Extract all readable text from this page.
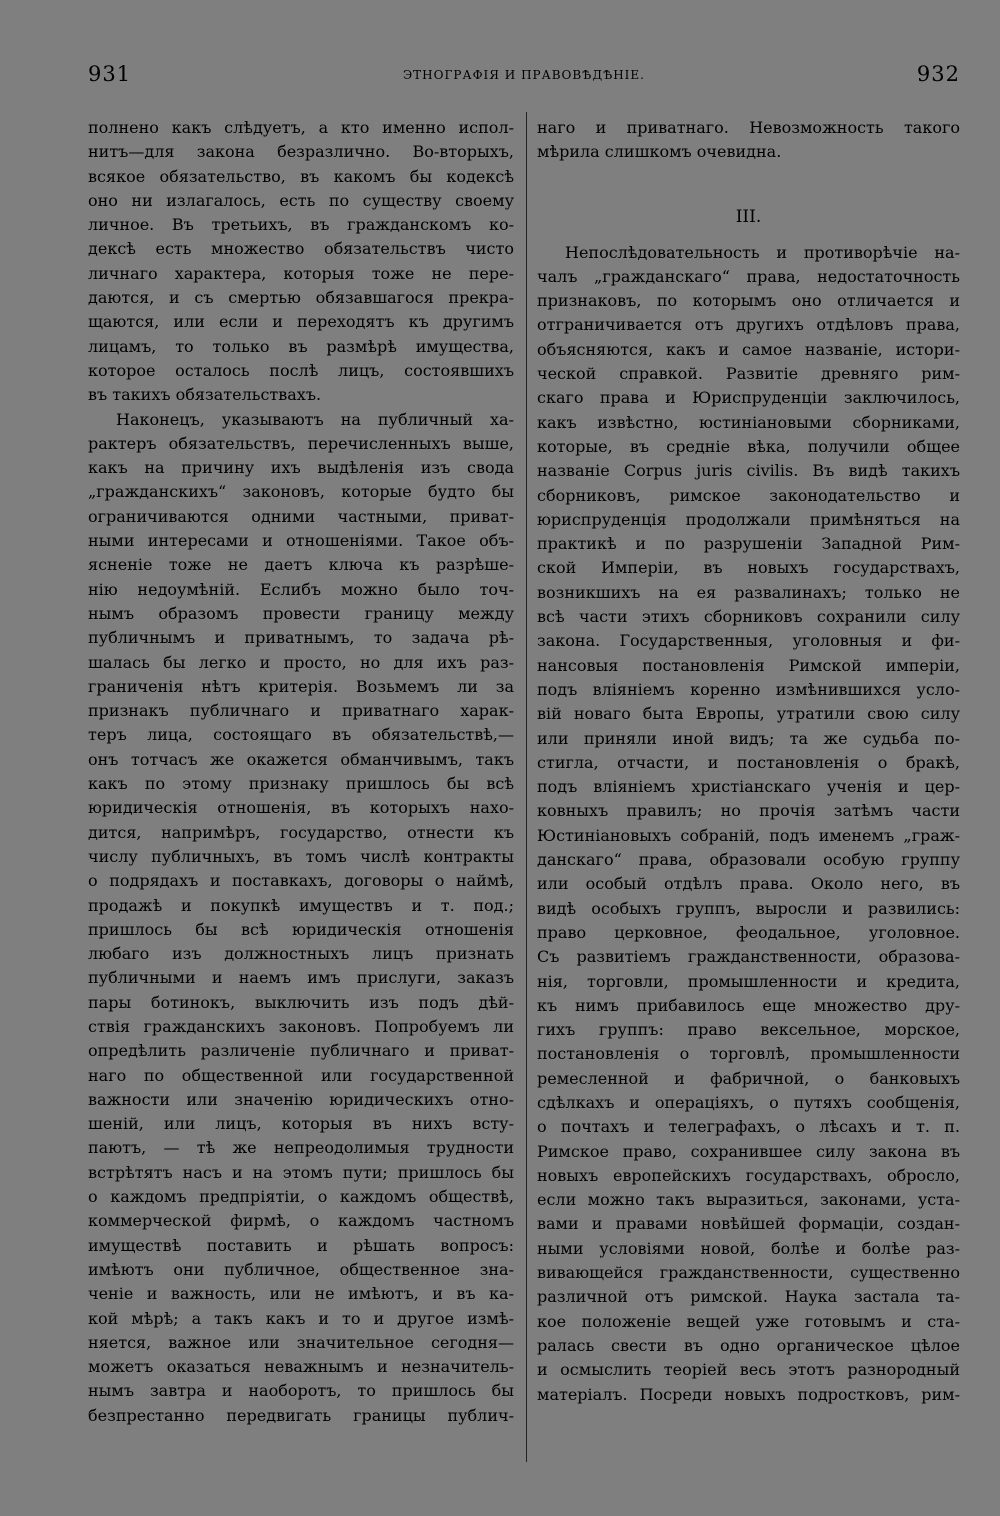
931	ЭТНОГРАФІЯ И ПРАВОВѢДѢНІЕ.	932
полнено какъ слѣдуетъ, а кто именно испол-
нитъ—для закона безразлично. Во-вторыхъ,
всякое обязательство, въ какомъ бы кодексѣ
оно ни излагалось, есть по существу своему
личное. Въ третьихъ, въ гражданскомъ ко-
дексѣ есть множество обязательствъ чисто
личнаго характера, которыя тоже не пере-
даются, и съ смертью обязавшагося прекра-
щаются, или если и переходятъ къ другимъ
лицамъ, то только въ размѣрѣ имущества,
которое осталось послѣ лицъ, состоявшихъ
въ такихъ обязательствахъ.
Наконецъ, указываютъ на публичный ха-
рактеръ обязательствъ, перечисленныхъ выше,
какъ на причину ихъ выдѣленія изъ свода
„гражданскихъ“ законовъ, которые будто бы
ограничиваются одними частными, приват-
ными интересами и отношеніями. Такое объ-
ясненіе тоже не даетъ ключа къ разрѣше-
нію недоумѣній. Еслибъ можно было точ-
нымъ образомъ провести границу между
публичнымъ и приватнымъ, то задача рѣ-
шалась бы легко и просто, но для ихъ раз-
граниченія нѣтъ критерія. Возьмемъ ли за
признакъ публичнаго и приватнаго харак-
теръ лица, состоящаго въ обязательствѣ,—
онъ тотчасъ же окажется обманчивымъ, такъ
какъ по этому признаку пришлось бы всѣ
юридическія отношенія, въ которыхъ нахо-
дится, напримѣръ, государство, отнести къ
числу публичныхъ, въ томъ числѣ контракты
о подрядахъ и поставкахъ, договоры о наймѣ,
продажѣ и покупкѣ имуществъ и т. под.;
пришлось бы всѣ юридическія отношенія
любаго изъ должностныхъ лицъ признать
публичными и наемъ имъ прислуги, заказъ
пары ботинокъ, выключить изъ подъ дѣй-
ствія гражданскихъ законовъ. Попробуемъ ли
опредѣлить различеніе публичнаго и приват-
наго по общественной или государственной
важности или значенію юридическихъ отно-
шеній, или лицъ, которыя въ нихъ всту-
паютъ, — тѣ же непреодолимыя трудности
встрѣтятъ насъ и на этомъ пути; пришлось бы
о каждомъ предпріятіи, о каждомъ обществѣ,
коммерческой фирмѣ, о каждомъ частномъ
имуществѣ поставить и рѣшать вопросъ:
имѣютъ они публичное, общественное зна-
ченіе и важность, или не имѣютъ, и въ ка-
кой мѣрѣ; а такъ какъ и то и другое измѣ-
няется, важное или значительное сегодня—
можетъ оказаться неважнымъ и незначитель-
нымъ завтра и наоборотъ, то пришлось бы
безпрестанно передвигать границы публич-
наго и приватнаго. Невозможность такого
мѣрила слишкомъ очевидна.
III.
Непослѣдовательность и противорѣчіе на-
чалъ „гражданскаго“ права, недостаточность
признаковъ, по которымъ оно отличается и
отграничивается отъ другихъ отдѣловъ права,
объясняются, какъ и самое названіе, истори-
ческой справкой. Развитіе древняго рим-
скаго права и Юриспруденціи заключилось,
какъ извѣстно, юстиніановыми сборниками,
которые, въ средніе вѣка, получили общее
названіе Corpus juris civilis. Въ видѣ такихъ
сборниковъ, римское законодательство и
юриспруденція продолжали примѣняться на
практикѣ и по разрушеніи Западной Рим-
ской Имперіи, въ новыхъ государствахъ,
возникшихъ на ея развалинахъ; только не
всѣ части этихъ сборниковъ сохранили силу
закона. Государственныя, уголовныя и фи-
нансовыя постановленія Римской имперіи,
подъ вліяніемъ коренно измѣнившихся усло-
вій новаго быта Европы, утратили свою силу
или приняли иной видъ; та же судьба по-
стигла, отчасти, и постановленія о бракѣ,
подъ вліяніемъ христіанскаго ученія и цер-
ковныхъ правилъ; но прочія затѣмъ части
Юстиніановыхъ собраній, подъ именемъ „граж-
данскаго“ права, образовали особую группу
или особый отдѣлъ права. Около него, въ
видѣ особыхъ группъ, выросли и развились:
право церковное, феодальное, уголовное.
Съ развитіемъ гражданственности, образова-
нія, торговли, промышленности и кредита,
къ нимъ прибавилось еще множество дру-
гихъ группъ: право вексельное, морское,
постановленія о торговлѣ, промышленности
ремесленной и фабричной, о банковыхъ
сдѣлкахъ и операціяхъ, о путяхъ сообщенія,
о почтахъ и телеграфахъ, о лѣсахъ и т. п.
Римское право, сохранившее силу закона въ
новыхъ европейскихъ государствахъ, обросло,
если можно такъ выразиться, законами, уста-
вами и правами новѣйшей формаціи, создан-
ными условіями новой, болѣе и болѣе раз-
вивающейся гражданственности, существенно
различной отъ римской. Наука застала та-
кое положеніе вещей уже готовымъ и ста-
ралась свести въ одно органическое цѣлое
и осмыслить теоріей весь этотъ разнородный
матеріалъ. Посреди новыхъ подростковъ, рим-
